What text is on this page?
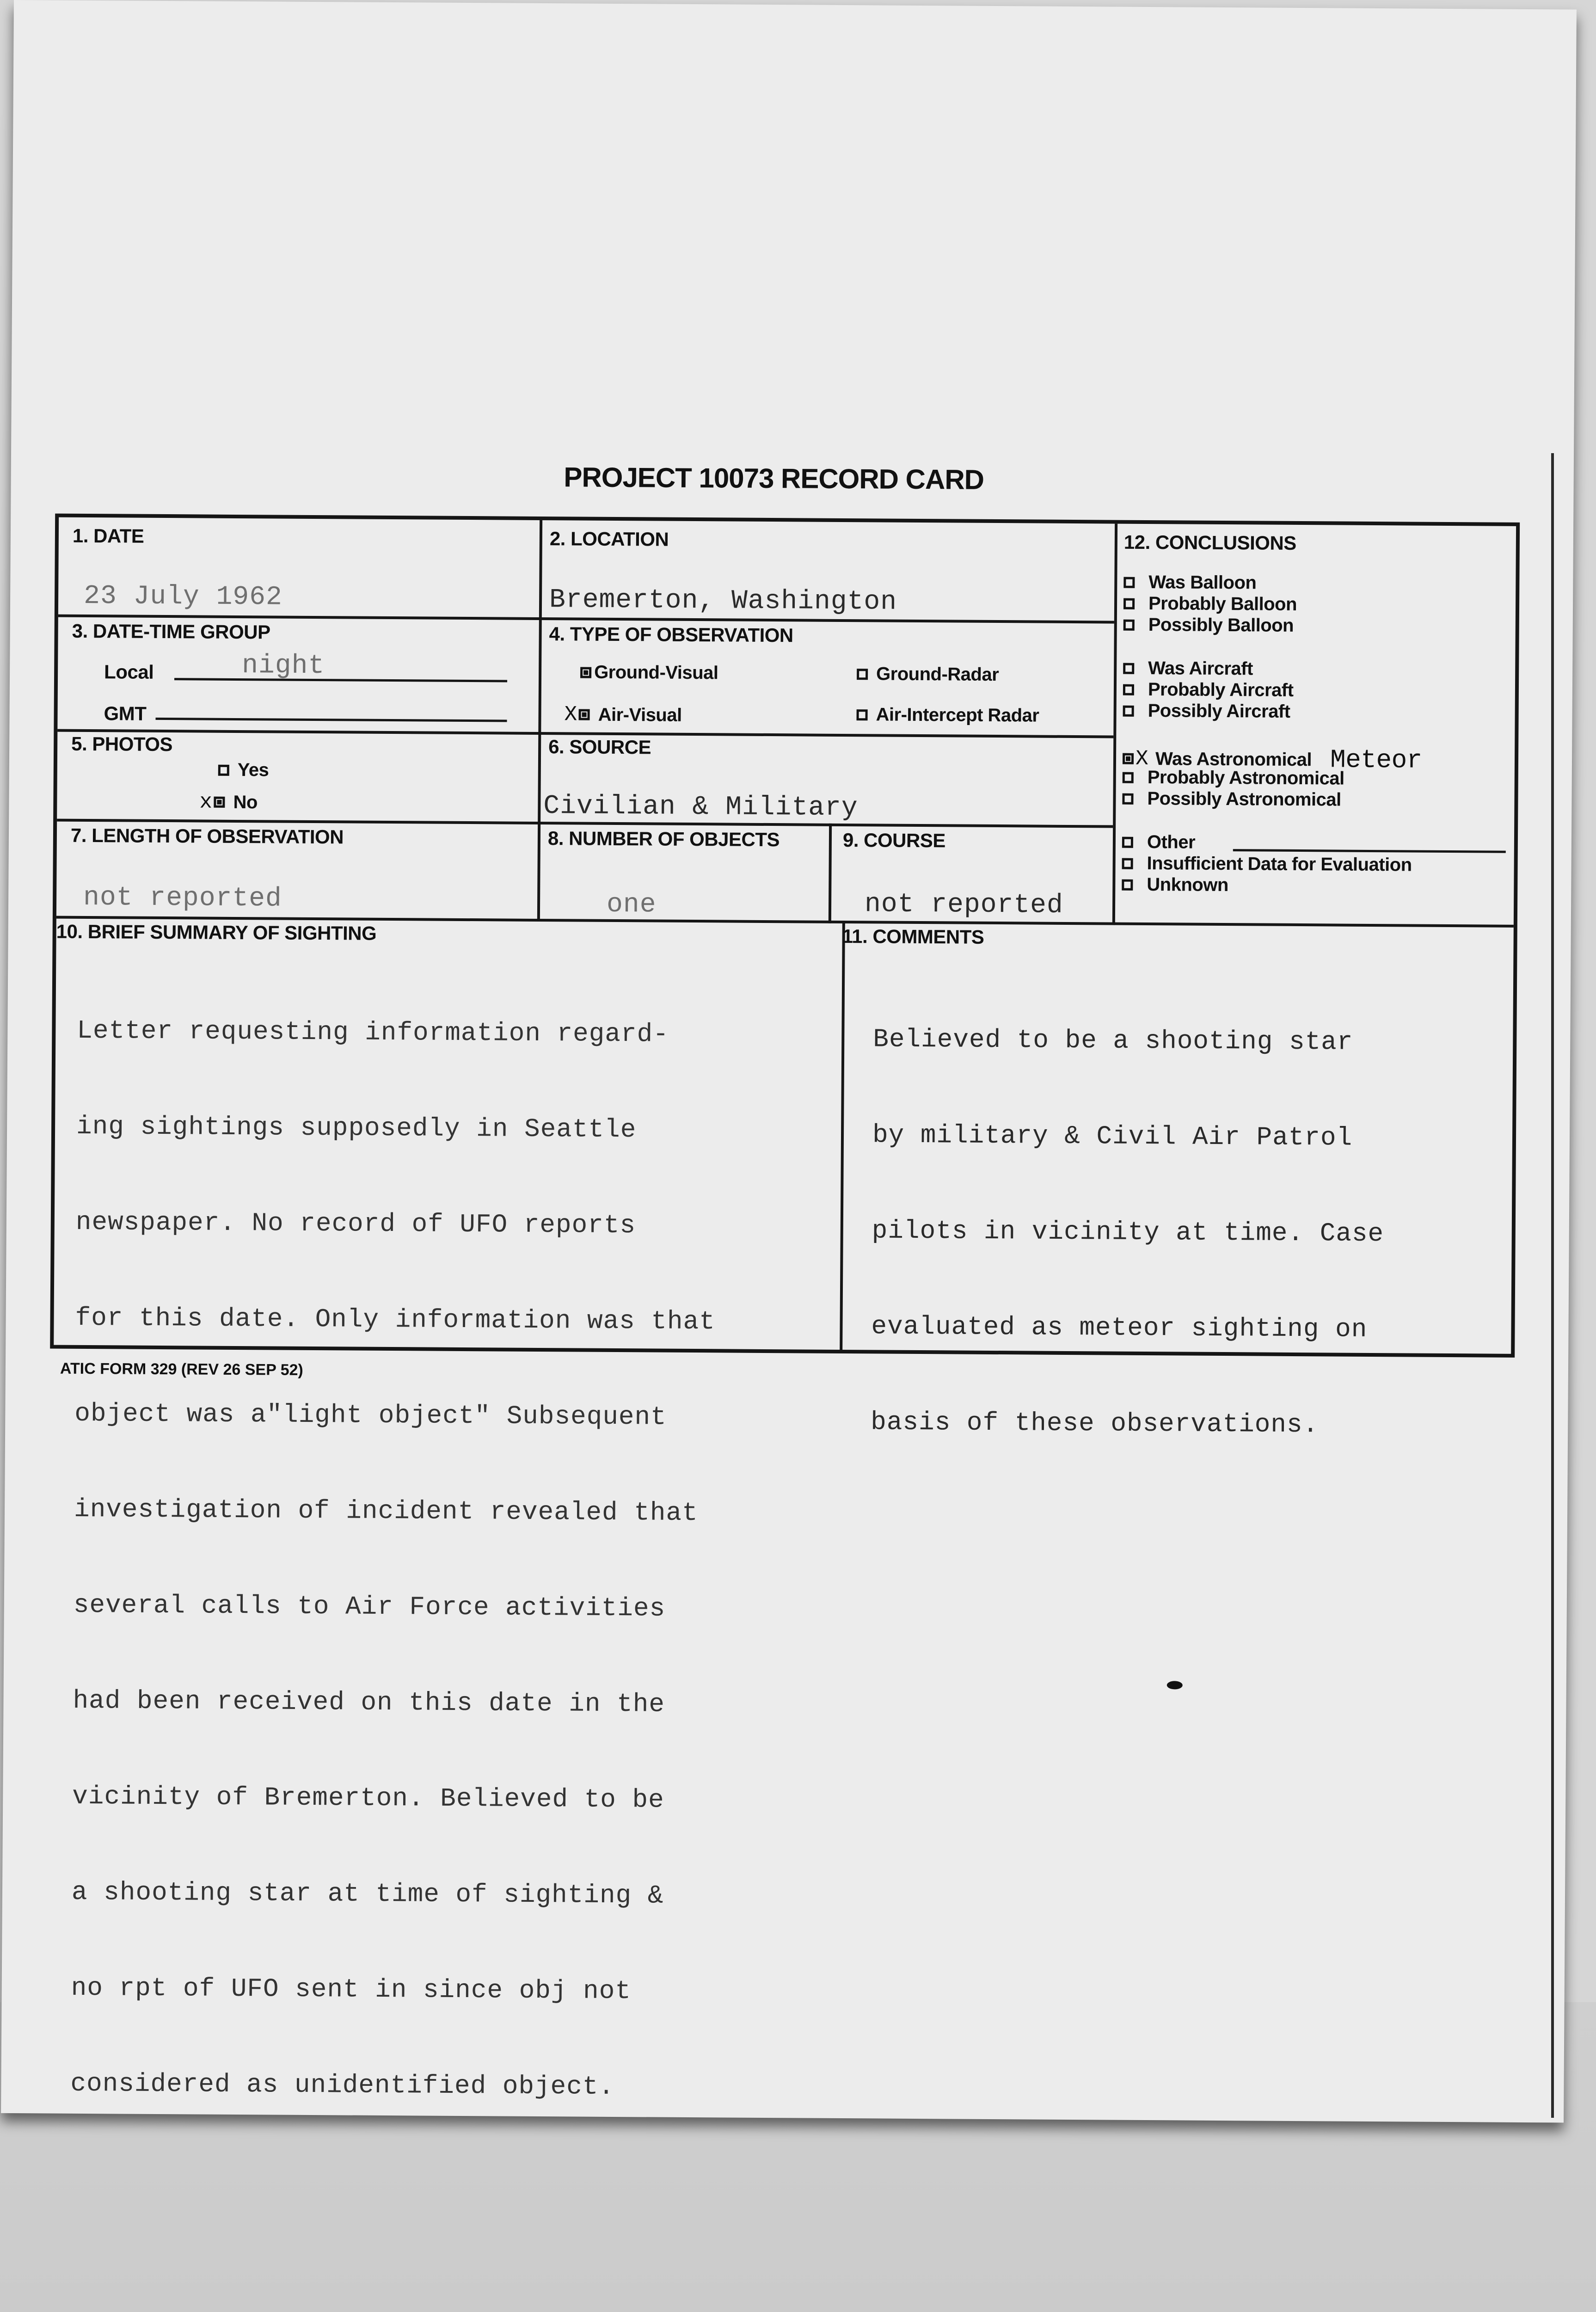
PROJECT 10073 RECORD CARD
1. DATE
23 July 1962
2. LOCATION
Bremerton, Washington
3. DATE-TIME GROUP
Local	night
GMT
4. TYPE OF OBSERVATION
Ground-Visual	Ground-Radar
X Air-Visual	Air-Intercept Radar
5. PHOTOS
Yes
x No
6. SOURCE
Civilian & Military
7. LENGTH OF OBSERVATION
not reported
8. NUMBER OF OBJECTS
one
9. COURSE
not reported
10. BRIEF SUMMARY OF SIGHTING

Letter requesting information regard-

ing sightings supposedly in Seattle

newspaper. No record of UFO reports

for this date. Only information was that

object was a"light object" Subsequent

investigation of incident revealed that

several calls to Air Force activities

had been received on this date in the

vicinity of Bremerton. Believed to be

a shooting star at time of sighting &

no rpt of UFO sent in since obj not

considered as unidentified object.

11. COMMENTS

Believed to be a shooting star

by military & Civil Air Patrol

pilots in vicinity at time. Case

evaluated as meteor sighting on

basis of these observations.

12. CONCLUSIONS
Was Balloon
Probably Balloon
Possibly Balloon
Was Aircraft
Probably Aircraft
Possibly Aircraft
X Was Astronomical Meteor
Probably Astronomical
Possibly Astronomical
Other
Insufficient Data for Evaluation
Unknown
ATIC FORM 329 (REV 26 SEP 52)
